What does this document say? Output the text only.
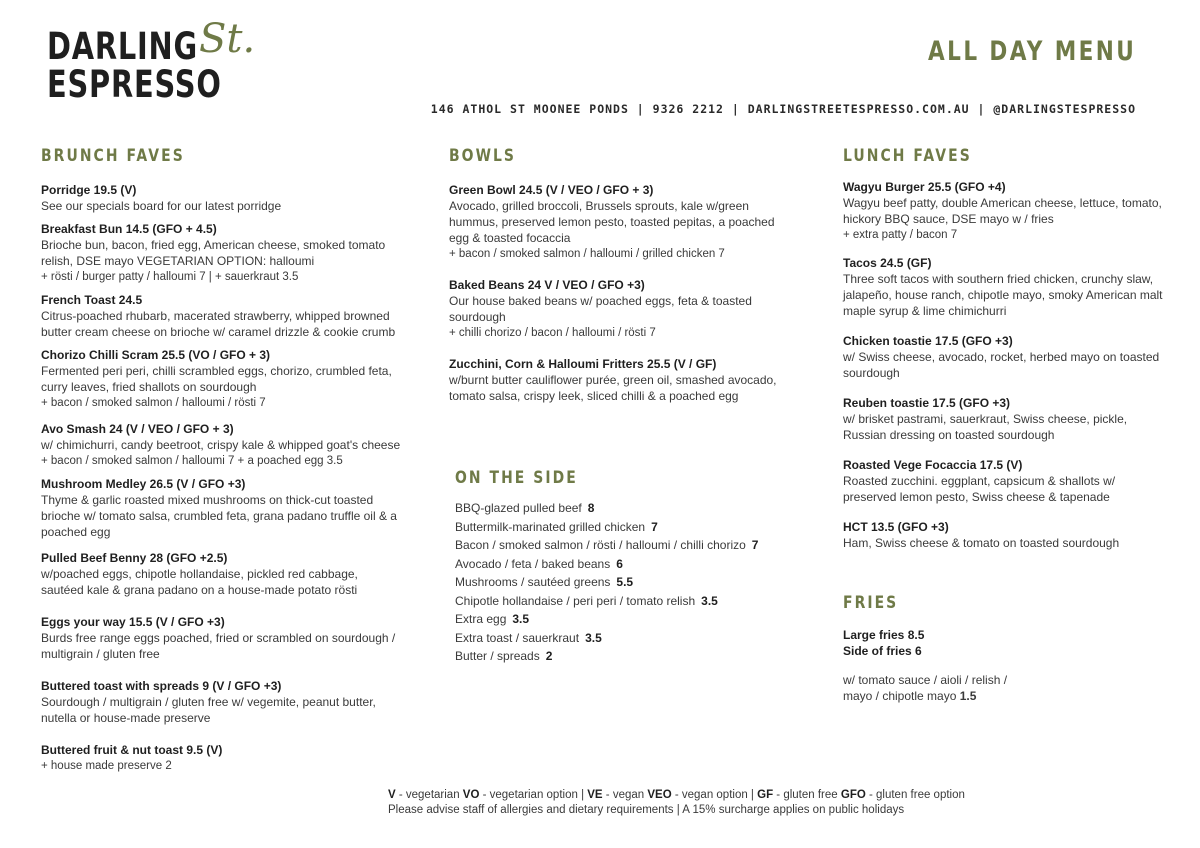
DARLING
ESPRESSO
St.	ALL DAY MENU
146 ATHOL ST MOONEE PONDS | 9326 2212 | DARLINGSTREETESPRESSO.COM.AU | @DARLINGSTESPRESSO
BRUNCH FAVES
Porridge 19.5 (V)
See our specials board for our latest porridge
Breakfast Bun 14.5 (GFO + 4.5)
Brioche bun, bacon, fried egg, American cheese, smoked tomato relish, DSE mayo VEGETARIAN OPTION: halloumi
+ rösti / burger patty / halloumi 7 | + sauerkraut 3.5
French Toast 24.5
Citrus-poached rhubarb, macerated strawberry, whipped browned butter cream cheese on brioche w/ caramel drizzle & cookie crumb
Chorizo Chilli Scram 25.5 (VO / GFO + 3)
Fermented peri peri, chilli scrambled eggs, chorizo, crumbled feta, curry leaves, fried shallots on sourdough
+ bacon / smoked salmon / halloumi / rösti 7
Avo Smash 24 (V / VEO / GFO + 3)
w/ chimichurri, candy beetroot, crispy kale & whipped goat's cheese
+ bacon / smoked salmon / halloumi 7 + a poached egg 3.5
Mushroom Medley 26.5 (V / GFO +3)
Thyme & garlic roasted mixed mushrooms on thick-cut toasted brioche w/ tomato salsa, crumbled feta, grana padano truffle oil & a poached egg
Pulled Beef Benny 28 (GFO +2.5)
w/poached eggs, chipotle hollandaise, pickled red cabbage, sautéed kale & grana padano on a house-made potato rösti
Eggs your way 15.5 (V / GFO +3)
Burds free range eggs poached, fried or scrambled on sourdough / multigrain / gluten free
Buttered toast with spreads 9 (V / GFO +3)
Sourdough / multigrain / gluten free w/ vegemite, peanut butter, nutella or house-made preserve
Buttered fruit & nut toast 9.5 (V)
+ house made preserve 2
BOWLS
Green Bowl 24.5 (V / VEO / GFO + 3)
Avocado, grilled broccoli, Brussels sprouts, kale w/green hummus, preserved lemon pesto, toasted pepitas, a poached egg & toasted focaccia
+ bacon / smoked salmon / halloumi / grilled chicken 7
Baked Beans 24 V / VEO / GFO +3)
Our house baked beans w/ poached eggs, feta & toasted sourdough
+ chilli chorizo / bacon / halloumi / rösti 7
Zucchini, Corn & Halloumi Fritters 25.5 (V / GF)
w/burnt butter cauliflower purée, green oil, smashed avocado, tomato salsa, crispy leek, sliced chilli & a poached egg
ON THE SIDE
BBQ-glazed pulled beef 8
Buttermilk-marinated grilled chicken 7
Bacon / smoked salmon / rösti / halloumi / chilli chorizo 7
Avocado / feta / baked beans 6
Mushrooms / sautéed greens 5.5
Chipotle hollandaise / peri peri / tomato relish 3.5
Extra egg 3.5
Extra toast / sauerkraut 3.5
Butter / spreads 2
LUNCH FAVES
Wagyu Burger 25.5 (GFO +4)
Wagyu beef patty, double American cheese, lettuce, tomato, hickory BBQ sauce, DSE mayo w / fries
+ extra patty / bacon 7
Tacos 24.5 (GF)
Three soft tacos with southern fried chicken, crunchy slaw, jalapeño, house ranch, chipotle mayo, smoky American malt maple syrup & lime chimichurri
Chicken toastie 17.5 (GFO +3)
w/ Swiss cheese, avocado, rocket, herbed mayo on toasted sourdough
Reuben toastie 17.5 (GFO +3)
w/ brisket pastrami, sauerkraut, Swiss cheese, pickle, Russian dressing on toasted sourdough
Roasted Vege Focaccia 17.5 (V)
Roasted zucchini. eggplant, capsicum & shallots w/ preserved lemon pesto, Swiss cheese & tapenade
HCT 13.5 (GFO +3)
Ham, Swiss cheese & tomato on toasted sourdough
FRIES
Large fries 8.5
Side of fries 6
w/ tomato sauce / aioli / relish /
mayo / chipotle mayo 1.5
V - vegetarian VO - vegetarian option | VE - vegan VEO - vegan option | GF - gluten free GFO - gluten free option
Please advise staff of allergies and dietary requirements | A 15% surcharge applies on public holidays
